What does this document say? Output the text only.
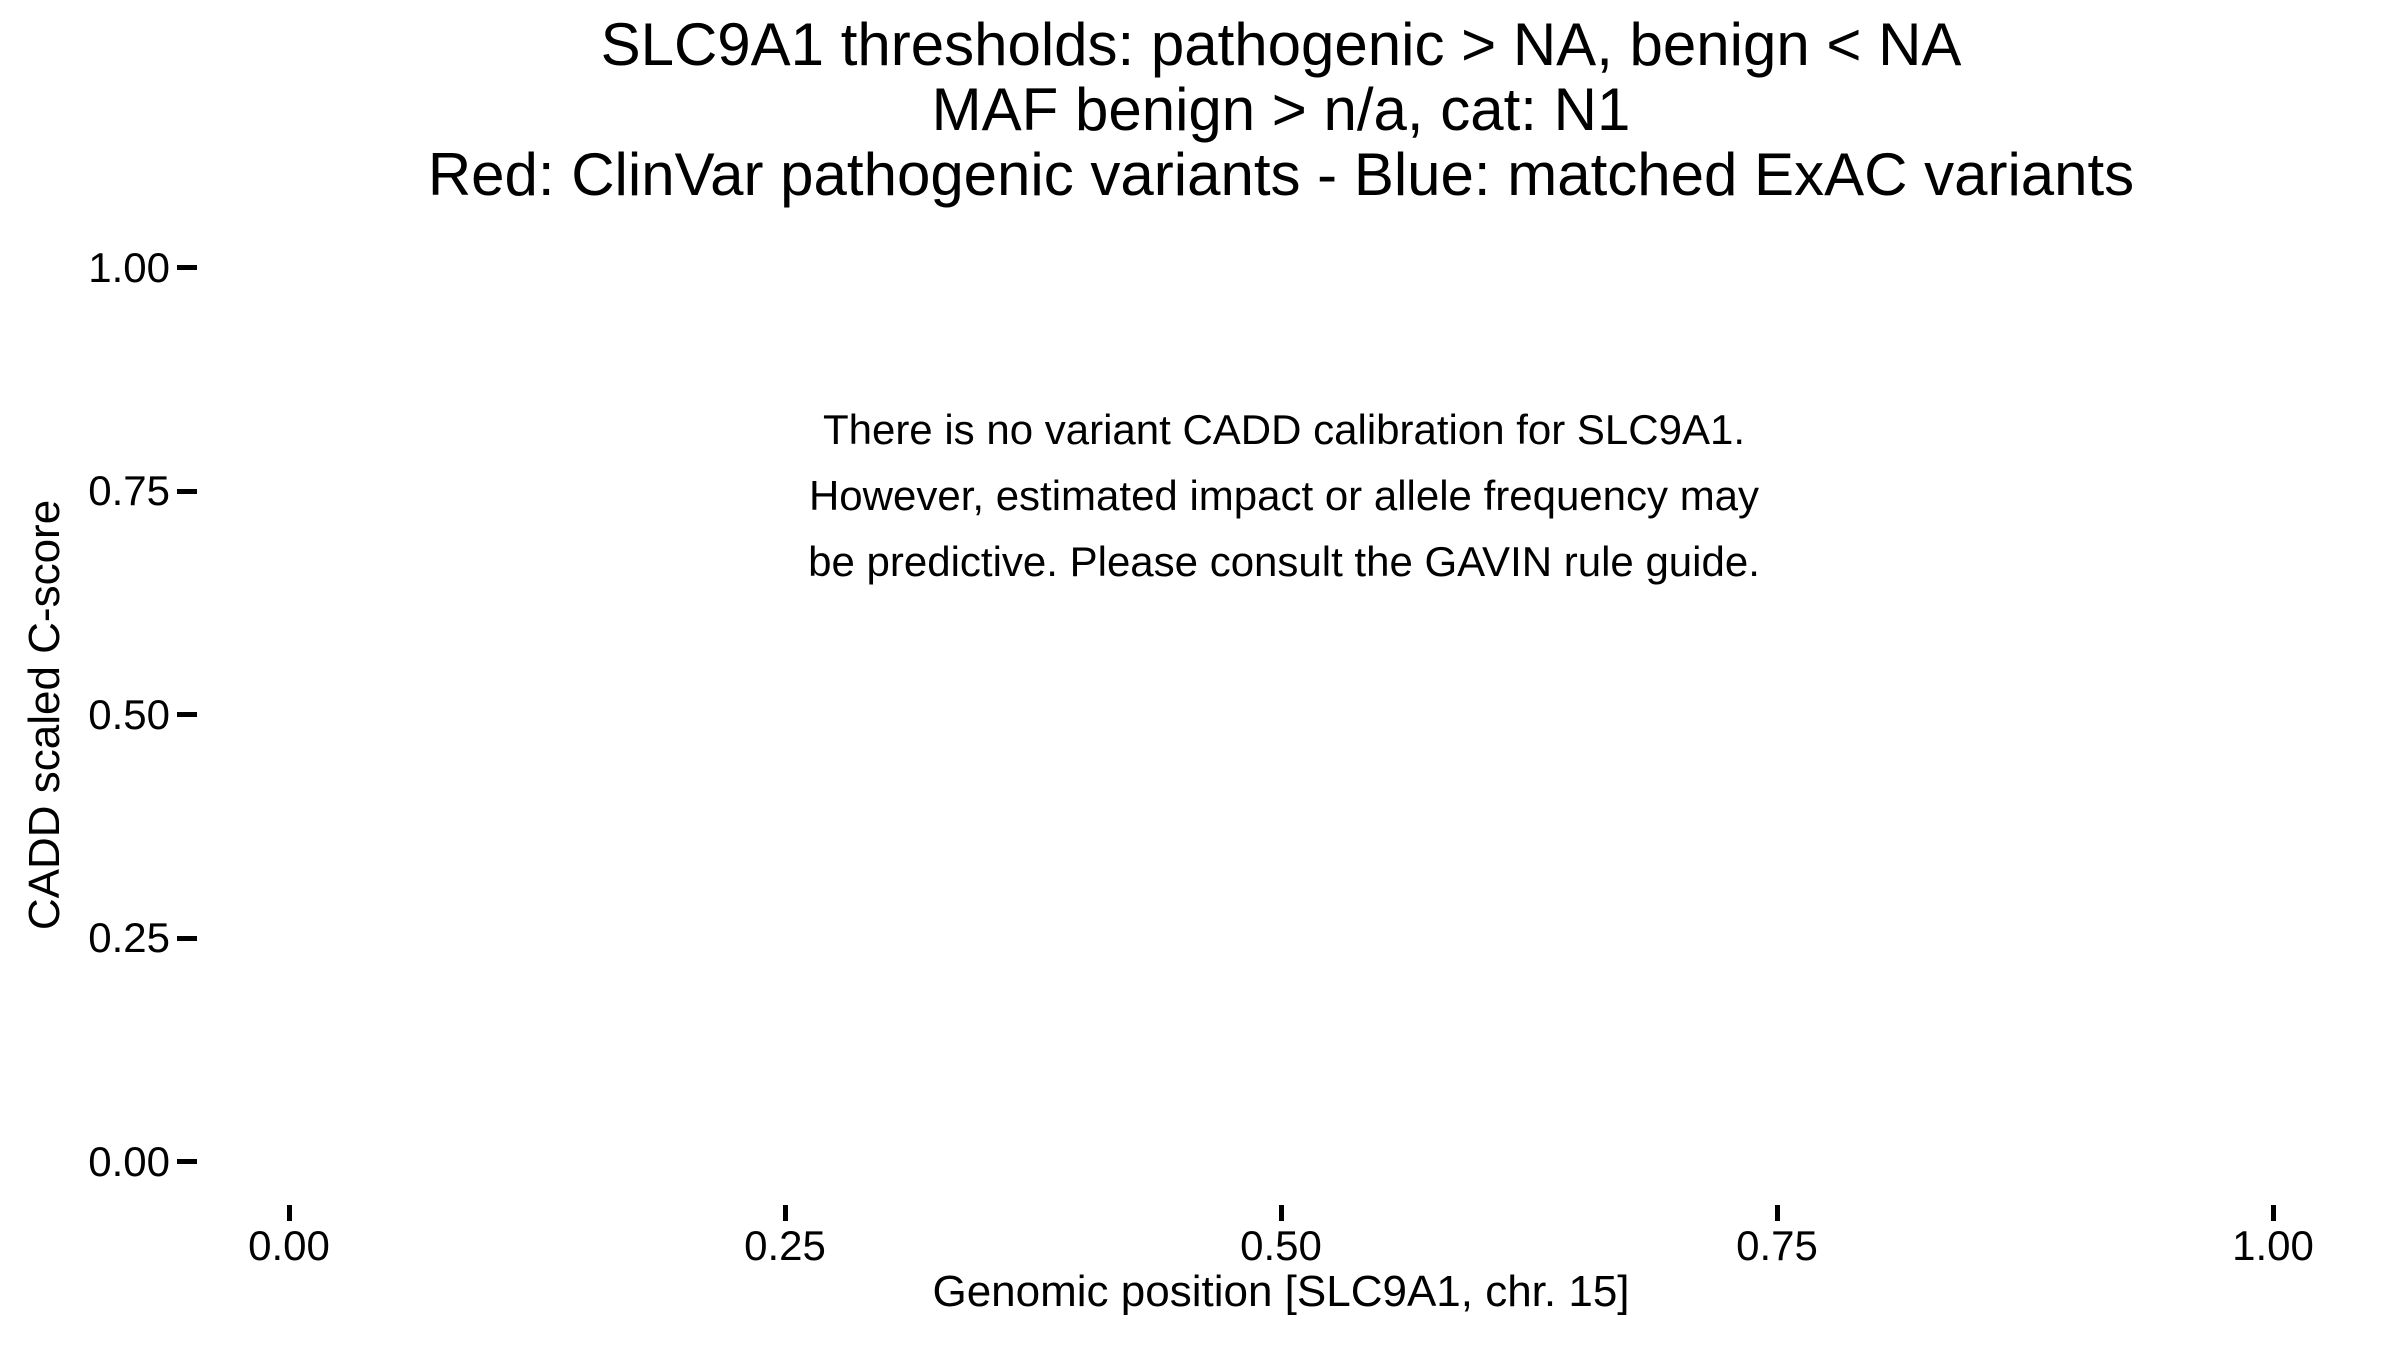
SLC9A1 thresholds: pathogenic > NA, benign < NA
MAF benign > n/a, cat: N1
Red: ClinVar pathogenic variants - Blue: matched ExAC variants
CADD scaled C-score
1.00
0.75
0.50
0.25
0.00
0.00	0.25	0.50	0.75	1.00
Genomic position [SLC9A1, chr. 15]
There is no variant CADD calibration for SLC9A1.
However, estimated impact or allele frequency may
be predictive. Please consult the GAVIN rule guide.
